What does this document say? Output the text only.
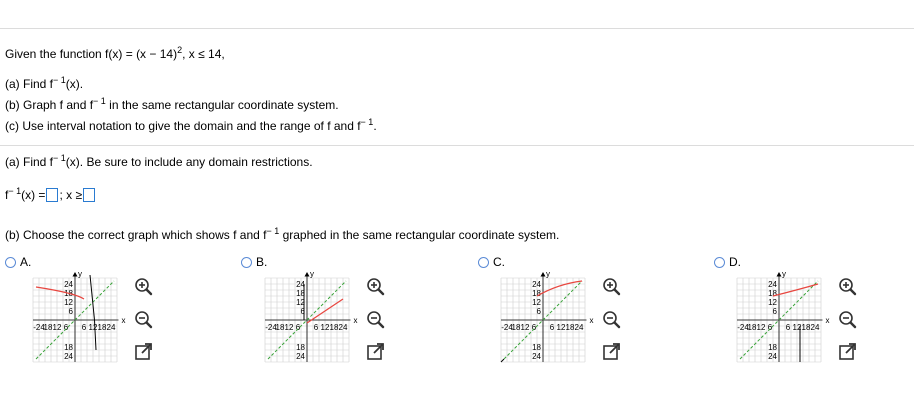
Given the function $f(x) = (x - 14)^2$, x ≤ 14,
(a) Find $f^{- 1}(x)$.
(b) Graph f and $f^{- 1}$ in the same rectangular coordinate system.
(c) Use interval notation to give the domain and the range of f and $f^{- 1}$.
(a) Find $f^{- 1}(x)$. Be sure to include any domain restrictions.
$f^{- 1}(x)$ = ; x ≥
(b) Choose the correct graph which shows f and $f^{- 1}$ graphed in the same rectangular coordinate system.
A.	B.	C.	D.
y
x
24
18
12
6
18
24
-24
18 12 6 6 12 18 24
y
x
24
18
12
6
18
24
-24
18 12 6 6 12 18 24
y
x
24
18
12
6
18
24
-24
18 12 6 6 12 18 24
y
x
24
18
12
6
18
24
-24
18 12 6 6 12 18 24
